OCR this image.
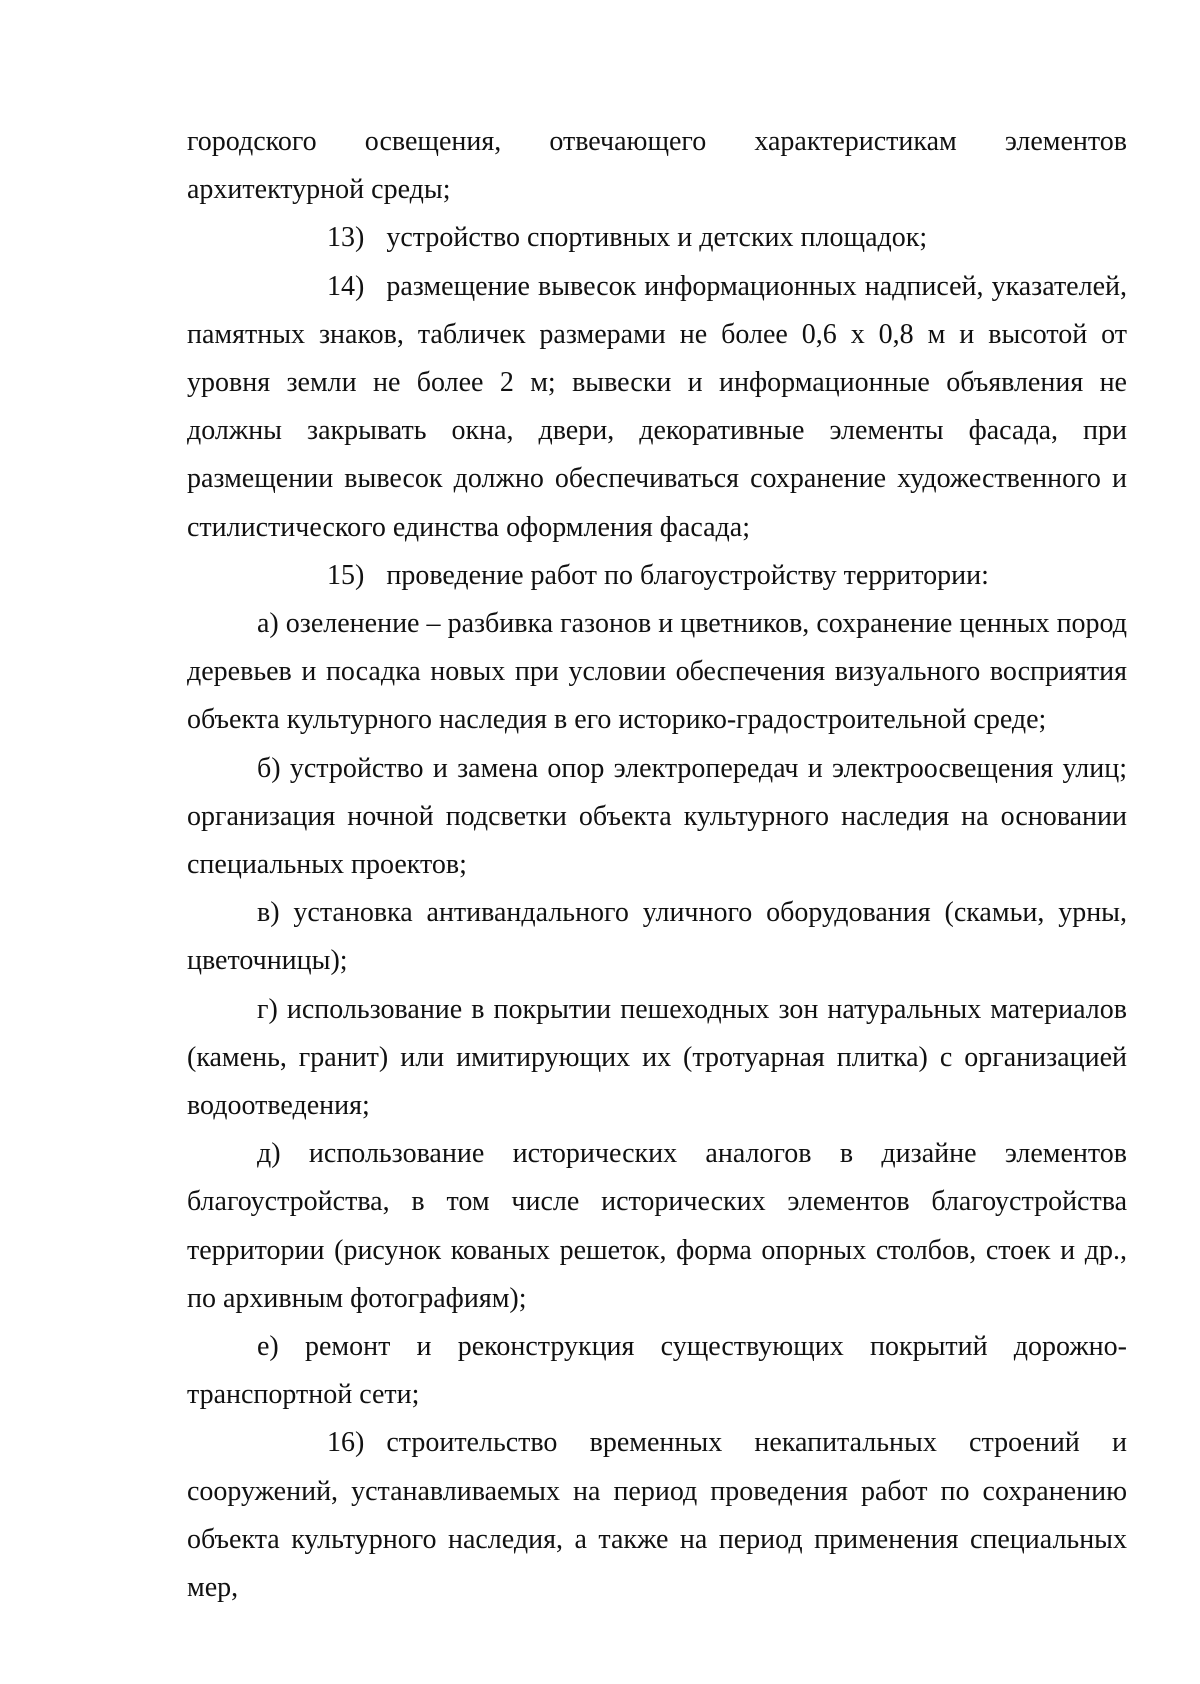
городского освещения, отвечающего характеристикам элементов архитектурной среды;

13) устройство спортивных и детских площадок;

14) размещение вывесок информационных надписей, указателей, памятных знаков, табличек размерами не более 0,6 х 0,8 м и высотой от уровня земли не более 2 м; вывески и информационные объявления не должны закрывать окна, двери, декоративные элементы фасада, при размещении вывесок должно обеспечиваться сохранение художественного и стилистического единства оформления фасада;

15) проведение работ по благоустройству территории:

а) озеленение – разбивка газонов и цветников, сохранение ценных пород деревьев и посадка новых при условии обеспечения визуального восприятия объекта культурного наследия в его историко-градостроительной среде;

б) устройство и замена опор электропередач и электроосвещения улиц; организация ночной подсветки объекта культурного наследия на основании специальных проектов;

в) установка антивандального уличного оборудования (скамьи, урны, цветочницы);

г) использование в покрытии пешеходных зон натуральных материалов (камень, гранит) или имитирующих их (тротуарная плитка) с организацией водоотведения;

д) использование исторических аналогов в дизайне элементов благоустройства, в том числе исторических элементов благоустройства территории (рисунок кованых решеток, форма опорных столбов, стоек и др., по архивным фотографиям);

е) ремонт и реконструкция существующих покрытий дорожно-транспортной сети;

16) строительство временных некапитальных строений и сооружений, устанавливаемых на период проведения работ по сохранению объекта культурного наследия, а также на период применения специальных мер,
